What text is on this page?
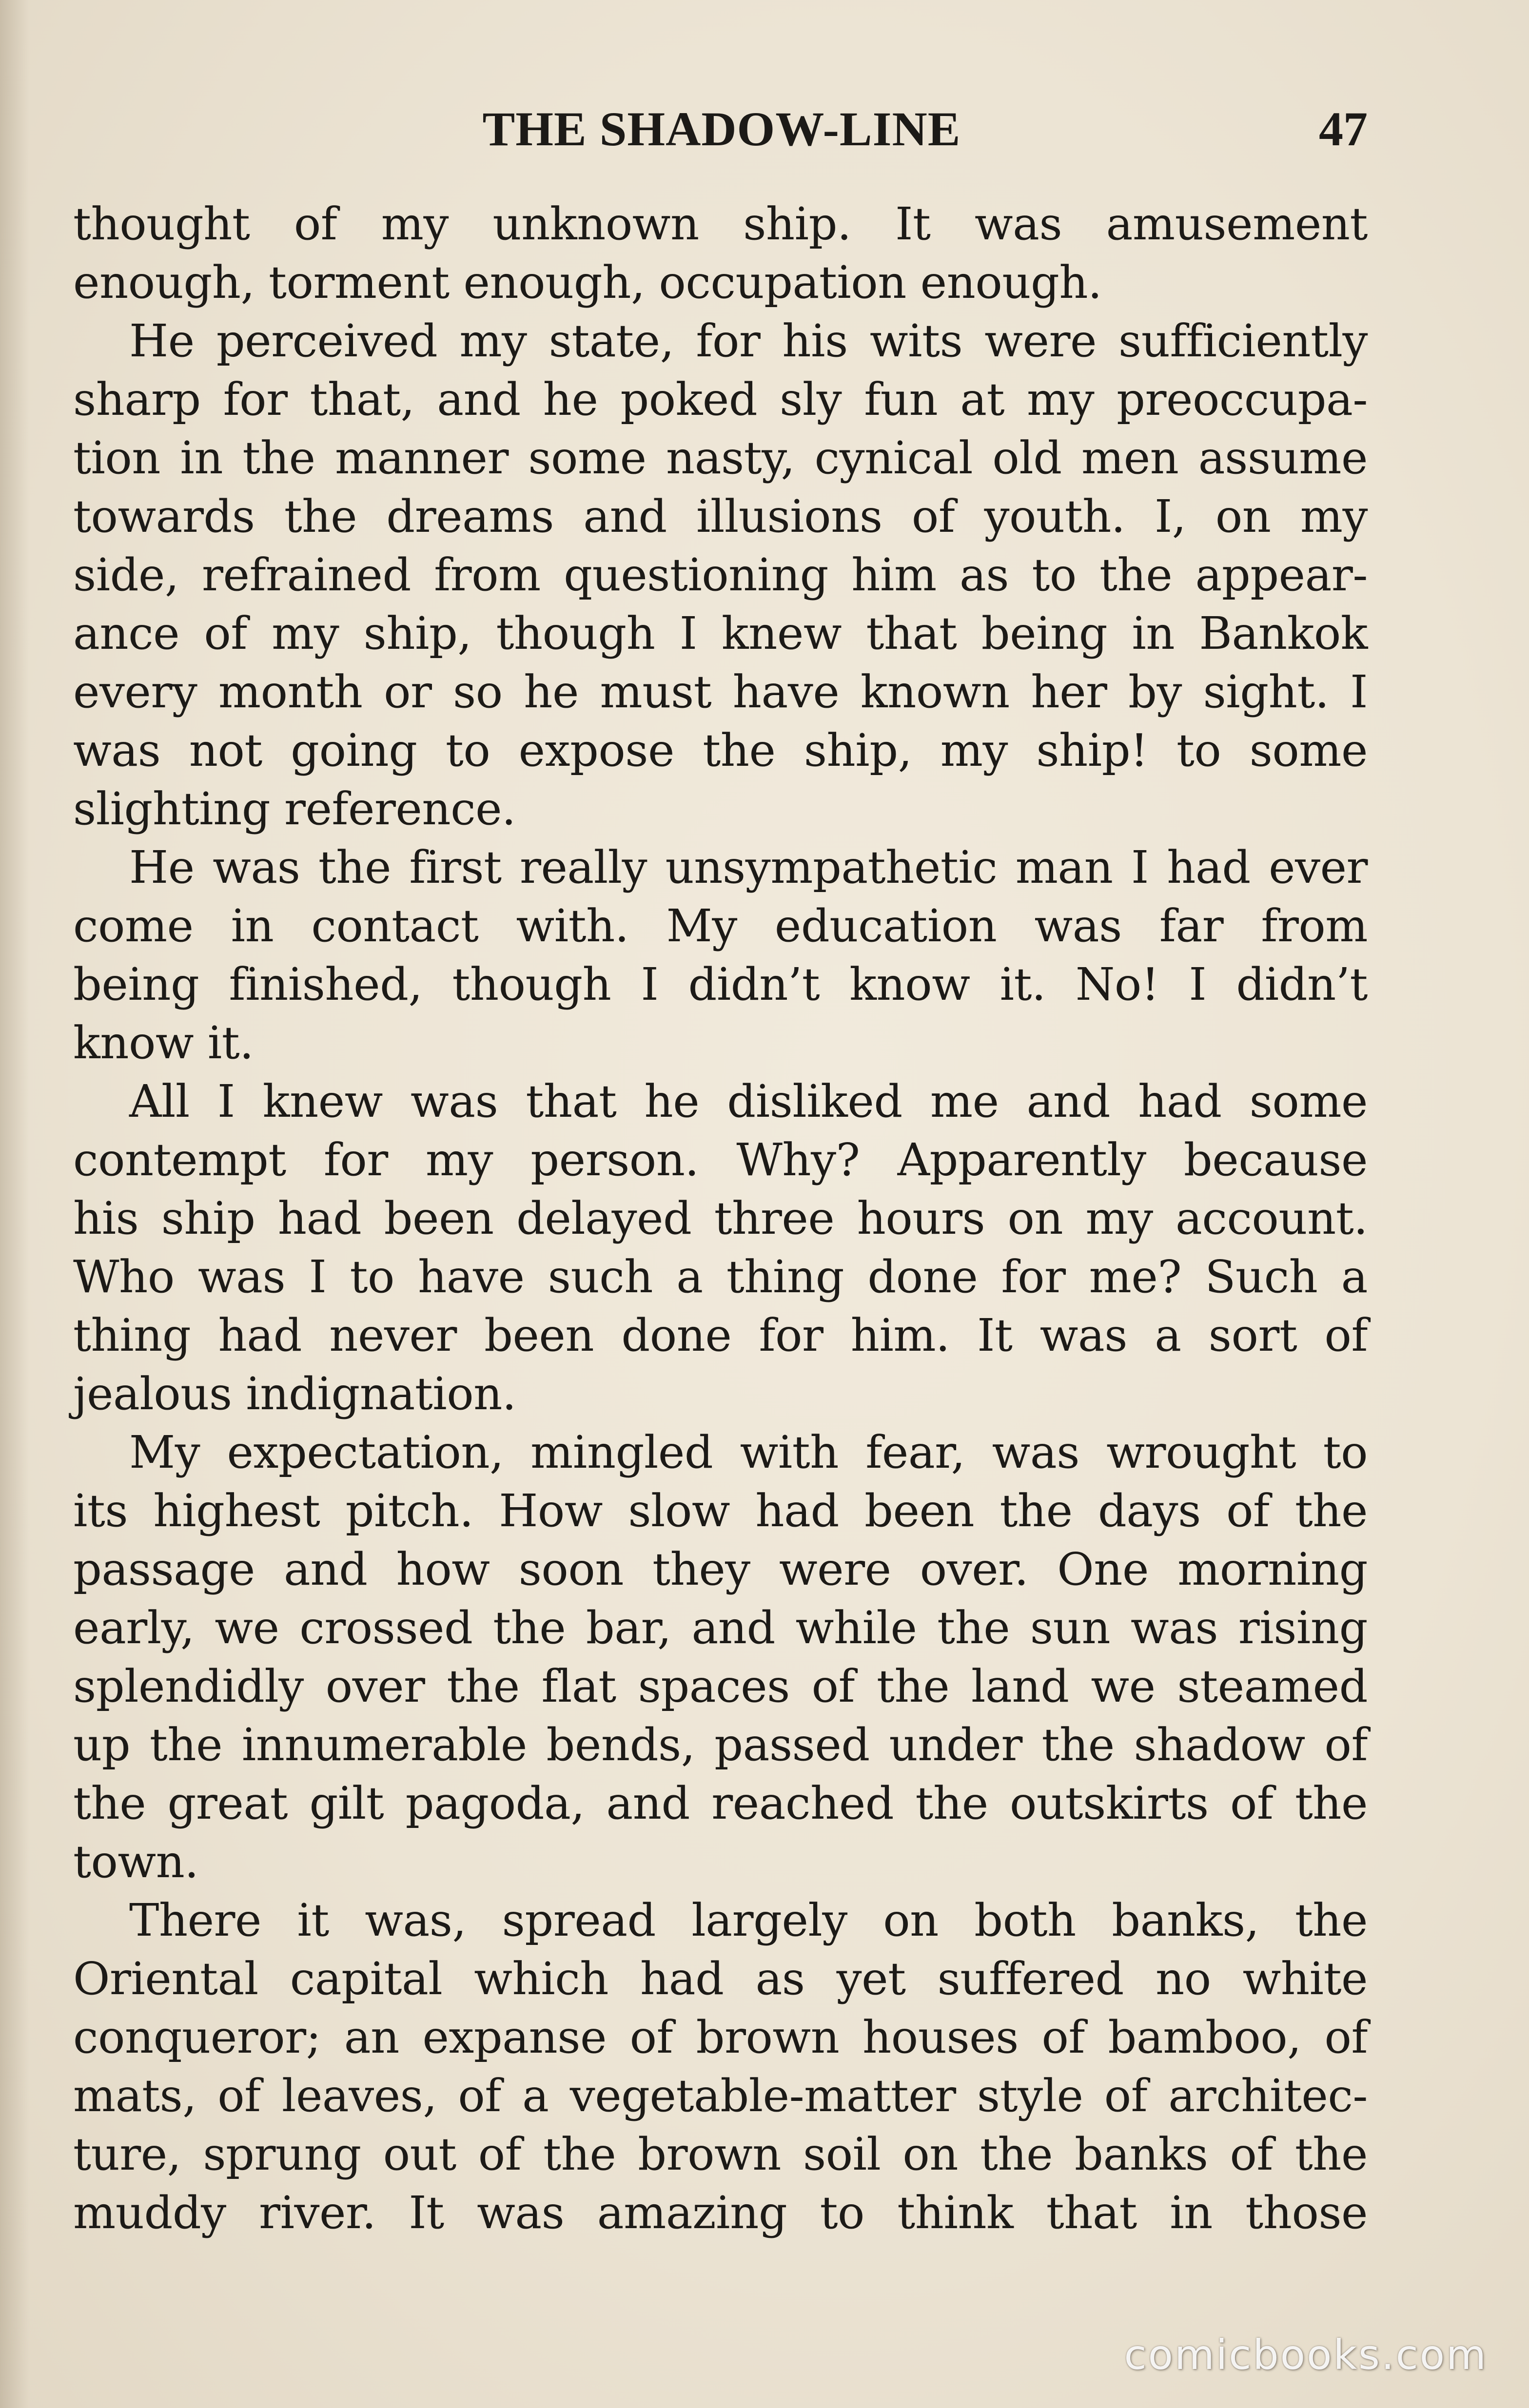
THE SHADOW-LINE	47
thought of my unknown ship. It was amusement
enough, torment enough, occupation enough.
He perceived my state, for his wits were sufficiently
sharp for that, and he poked sly fun at my preoccupa-
tion in the manner some nasty, cynical old men assume
towards the dreams and illusions of youth. I, on my
side, refrained from questioning him as to the appear-
ance of my ship, though I knew that being in Bankok
every month or so he must have known her by sight. I
was not going to expose the ship, my ship! to some
slighting reference.
He was the first really unsympathetic man I had ever
come in contact with. My education was far from
being finished, though I didn’t know it. No! I didn’t
know it.
All I knew was that he disliked me and had some
contempt for my person. Why? Apparently because
his ship had been delayed three hours on my account.
Who was I to have such a thing done for me? Such a
thing had never been done for him. It was a sort of
jealous indignation.
My expectation, mingled with fear, was wrought to
its highest pitch. How slow had been the days of the
passage and how soon they were over. One morning
early, we crossed the bar, and while the sun was rising
splendidly over the flat spaces of the land we steamed
up the innumerable bends, passed under the shadow of
the great gilt pagoda, and reached the outskirts of the
town.
There it was, spread largely on both banks, the
Oriental capital which had as yet suffered no white
conqueror; an expanse of brown houses of bamboo, of
mats, of leaves, of a vegetable-matter style of architec-
ture, sprung out of the brown soil on the banks of the
muddy river. It was amazing to think that in those
comicbooks.com
